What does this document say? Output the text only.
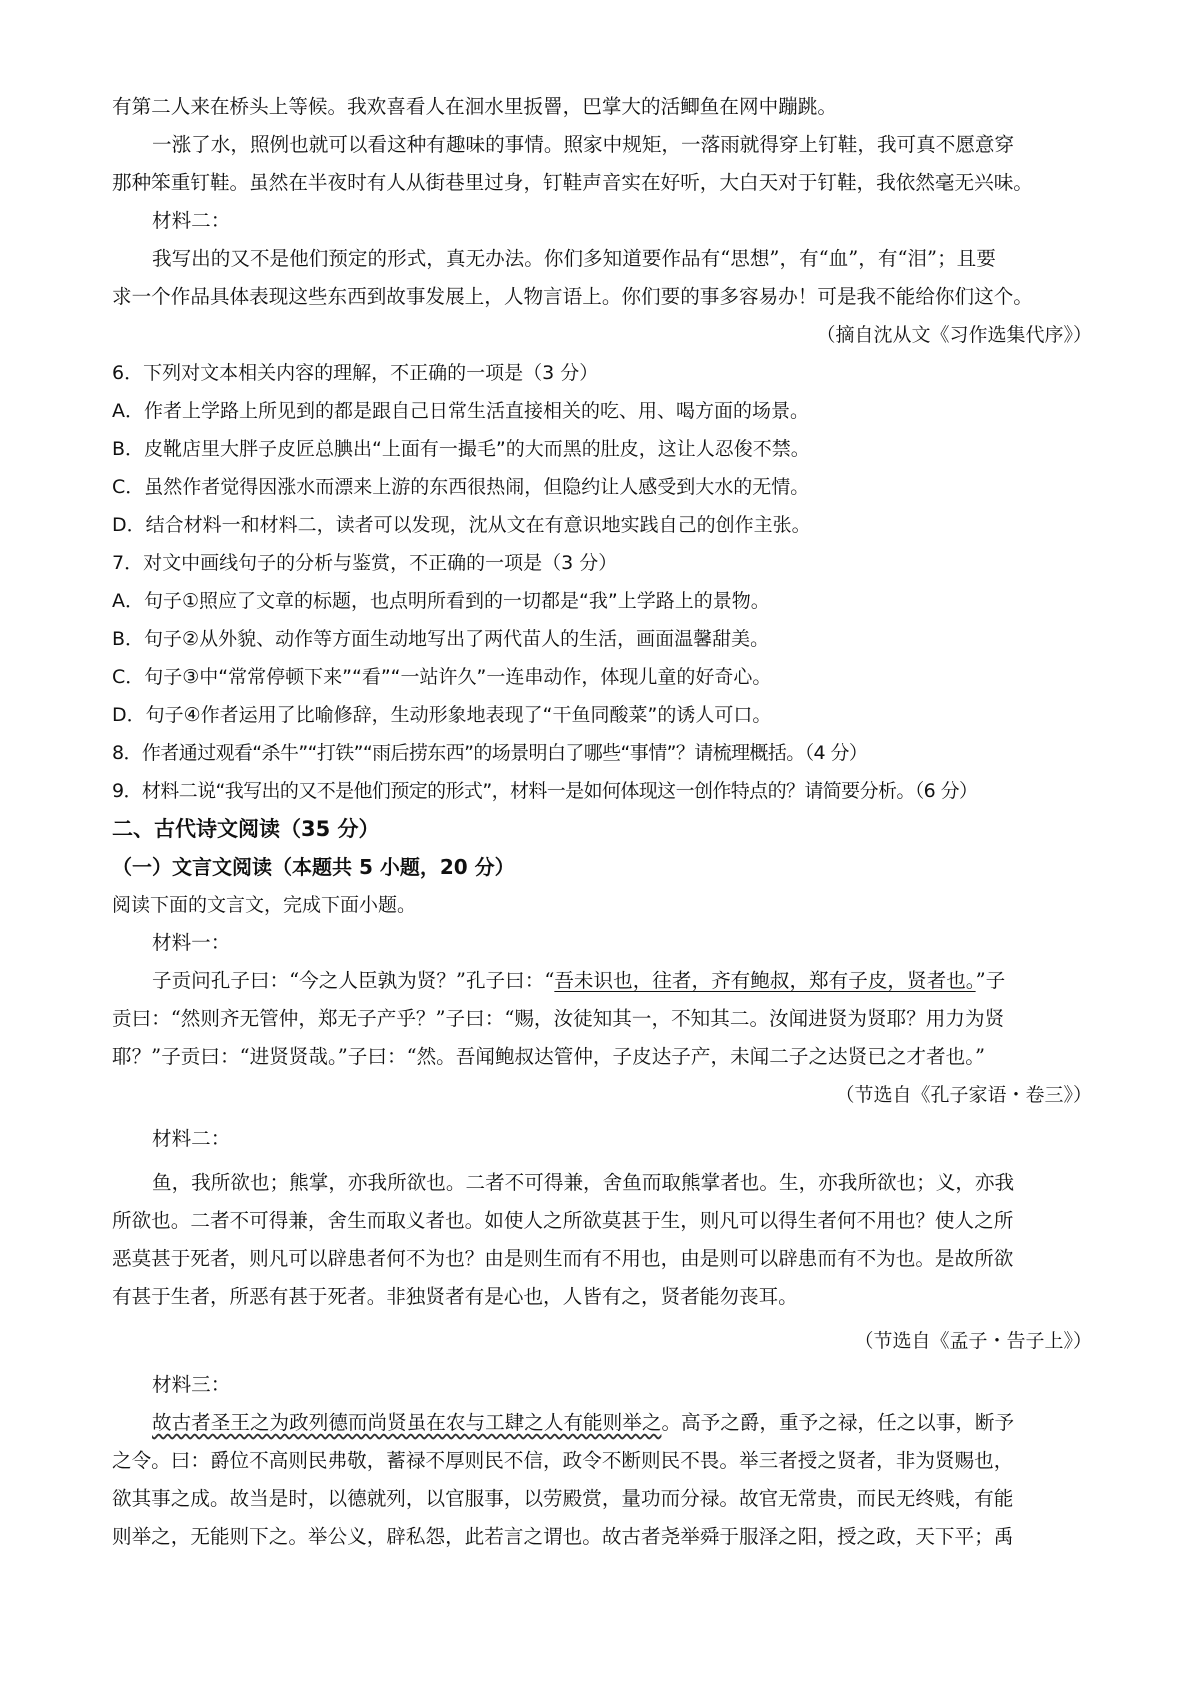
有第二人来在桥头上等候。我欢喜看人在洄水里扳罾，巴掌大的活鲫鱼在网中蹦跳。

一涨了水，照例也就可以看这种有趣味的事情。照家中规矩，一落雨就得穿上钉鞋，我可真不愿意穿

那种笨重钉鞋。虽然在半夜时有人从街巷里过身，钉鞋声音实在好听，大白天对于钉鞋，我依然毫无兴味。

材料二：

我写出的又不是他们预定的形式，真无办法。你们多知道要作品有“思想”，有“血”，有“泪”；且要

求一个作品具体表现这些东西到故事发展上，人物言语上。你们要的事多容易办！可是我不能给你们这个。

（摘自沈从文《习作选集代序》）

6．下列对文本相关内容的理解，不正确的一项是（3 分）

A．作者上学路上所见到的都是跟自己日常生活直接相关的吃、用、喝方面的场景。

B．皮靴店里大胖子皮匠总腆出“上面有一撮毛”的大而黑的肚皮，这让人忍俊不禁。

C．虽然作者觉得因涨水而漂来上游的东西很热闹，但隐约让人感受到大水的无情。

D．结合材料一和材料二，读者可以发现，沈从文在有意识地实践自己的创作主张。

7．对文中画线句子的分析与鉴赏，不正确的一项是（3 分）

A．句子①照应了文章的标题，也点明所看到的一切都是“我”上学路上的景物。

B．句子②从外貌、动作等方面生动地写出了两代苗人的生活，画面温馨甜美。

C．句子③中“常常停顿下来”“看”“一站许久”一连串动作，体现儿童的好奇心。

D．句子④作者运用了比喻修辞，生动形象地表现了“干鱼同酸菜”的诱人可口。

8．作者通过观看“杀牛”“打铁”“雨后捞东西”的场景明白了哪些“事情”？请梳理概括。（4 分）

9．材料二说“我写出的又不是他们预定的形式”，材料一是如何体现这一创作特点的？请简要分析。（6 分）

二、古代诗文阅读（35 分）

（一）文言文阅读（本题共 5 小题，20 分）

阅读下面的文言文，完成下面小题。

材料一：

子贡问孔子曰：“今之人臣孰为贤？”孔子曰：“吾未识也，往者，齐有鲍叔，郑有子皮，贤者也。”子

贡曰：“然则齐无管仲，郑无子产乎？”子曰：“赐，汝徒知其一，不知其二。汝闻进贤为贤耶？用力为贤

耶？”子贡曰：“进贤贤哉。”子曰：“然。吾闻鲍叔达管仲，子皮达子产，未闻二子之达贤已之才者也。”

（节选自《孔子家语・卷三》）

材料二：

鱼，我所欲也；熊掌，亦我所欲也。二者不可得兼，舍鱼而取熊掌者也。生，亦我所欲也；义，亦我

所欲也。二者不可得兼，舍生而取义者也。如使人之所欲莫甚于生，则凡可以得生者何不用也？使人之所

恶莫甚于死者，则凡可以辟患者何不为也？由是则生而有不用也，由是则可以辟患而有不为也。是故所欲

有甚于生者，所恶有甚于死者。非独贤者有是心也，人皆有之，贤者能勿丧耳。

（节选自《孟子・告子上》）

材料三：

故古者圣王之为政列德而尚贤虽在农与工肆之人有能则举之。高予之爵，重予之禄，任之以事，断予

之令。曰：爵位不高则民弗敬，蓄禄不厚则民不信，政令不断则民不畏。举三者授之贤者，非为贤赐也，

欲其事之成。故当是时，以德就列，以官服事，以劳殿赏，量功而分禄。故官无常贵，而民无终贱，有能

则举之，无能则下之。举公义，辟私怨，此若言之谓也。故古者尧举舜于服泽之阳，授之政，天下平；禹
